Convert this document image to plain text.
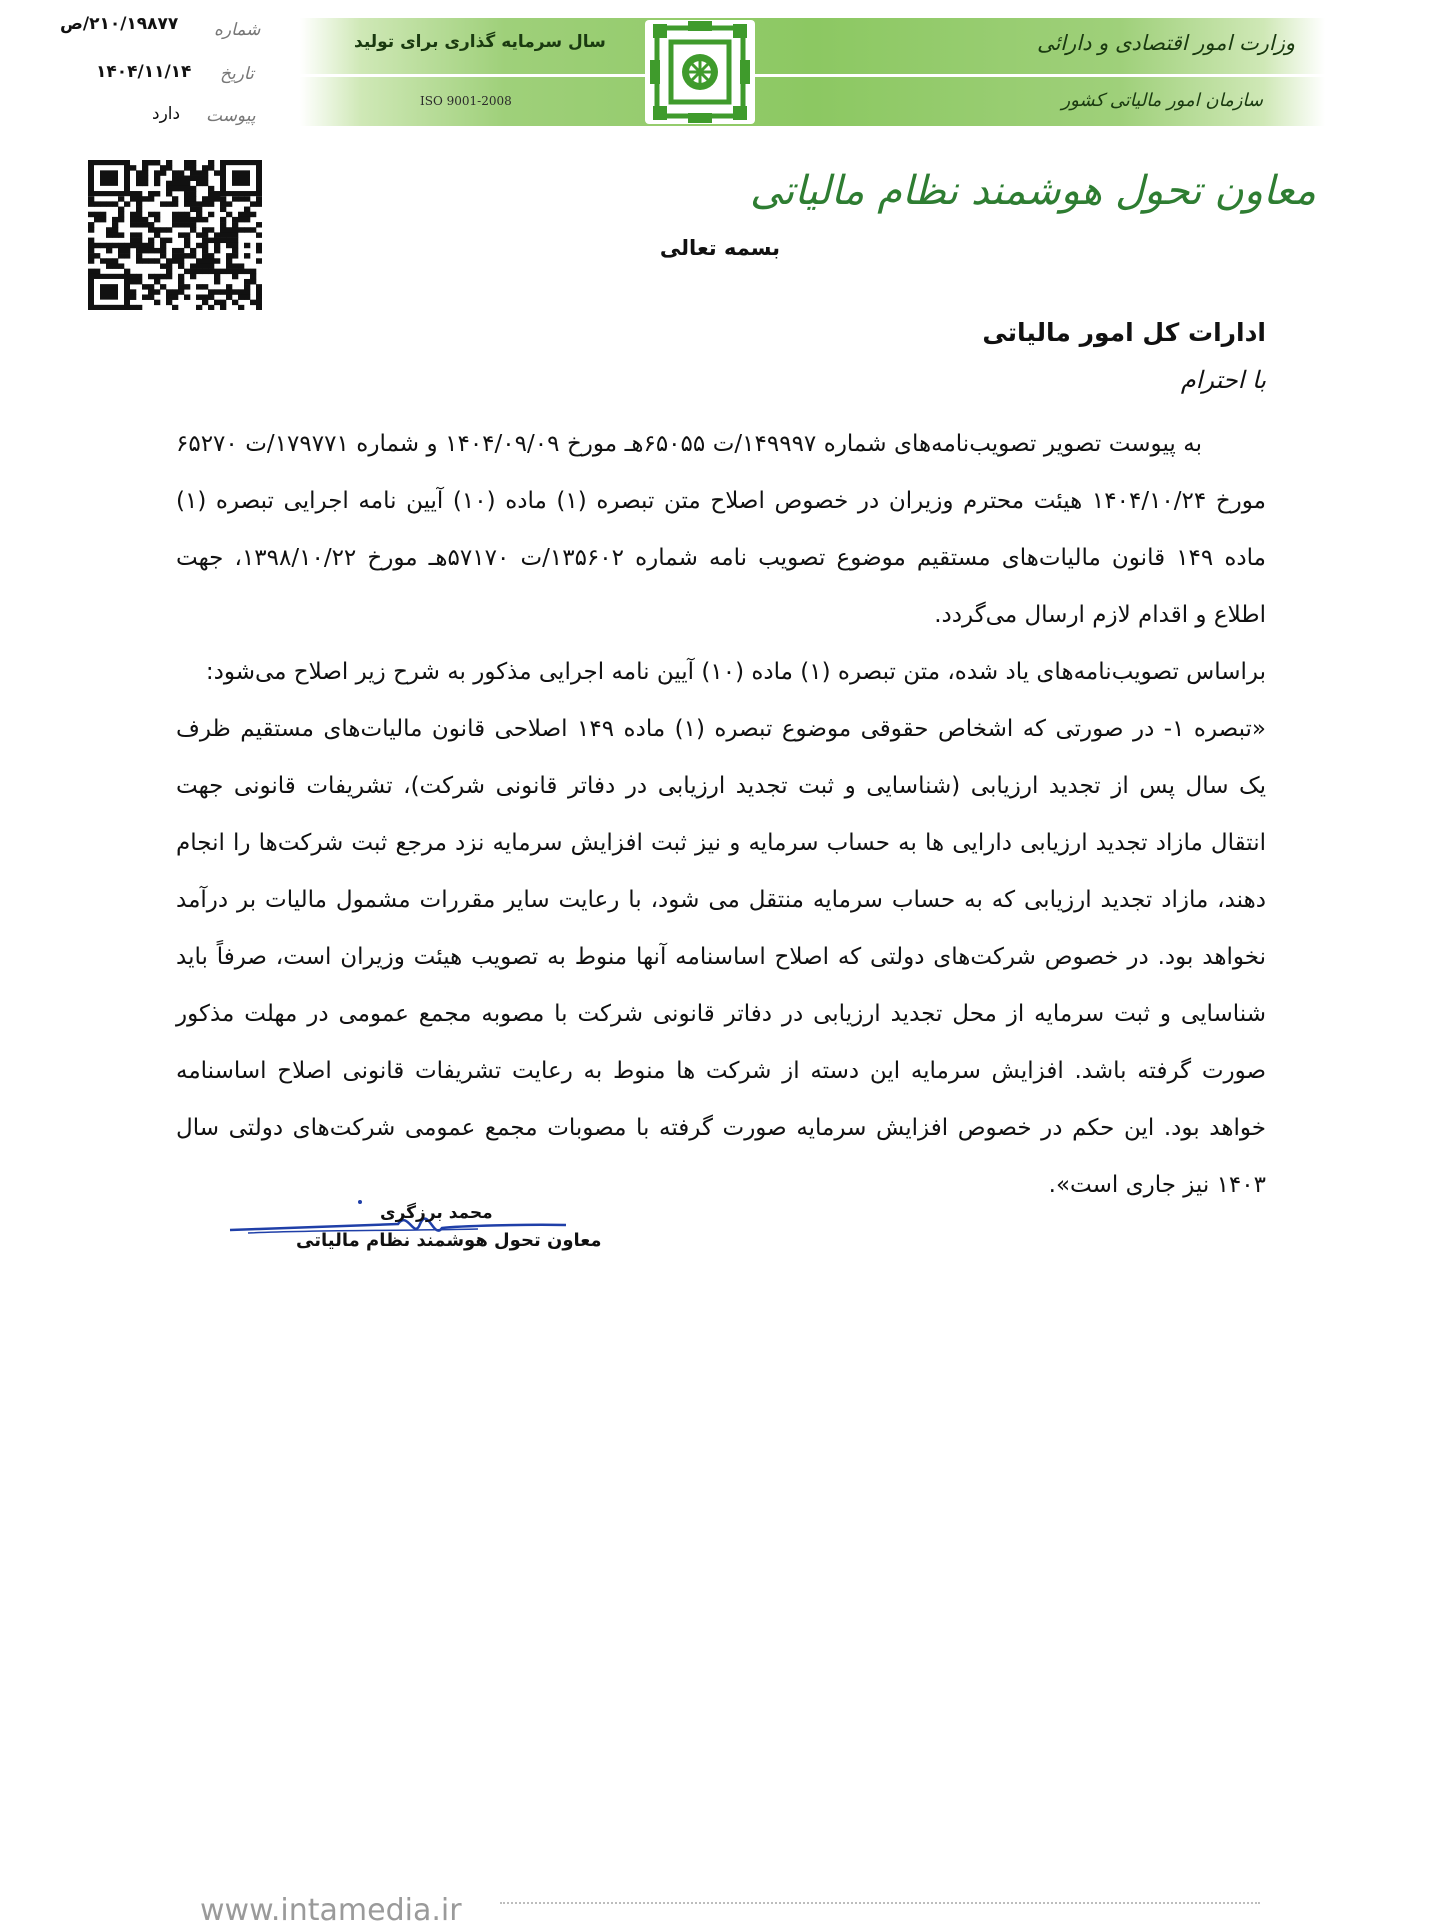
سال سرمایه گذاری برای تولید
ISO 9001-2008
وزارت امور اقتصادی و دارائی
سازمان امور مالیاتی کشور
شماره
۲۱۰/۱۹۸۷۷/ص
تاریخ
۱۴۰۴/۱۱/۱۴
پیوست
دارد
معاون تحول هوشمند نظام مالیاتی
بسمه تعالی
ادارات کل امور مالیاتی
با احترام

به پیوست تصویر تصویب‌نامه‌های شماره ۱۴۹۹۹۷/ت ۶۵۰۵۵هـ مورخ ۱۴۰۴/۰۹/۰۹ و شماره ۱۷۹۷۷۱/ت ۶۵۲۷۰ مورخ ۱۴۰۴/۱۰/۲۴ هیئت محترم وزیران در خصوص اصلاح متن تبصره (۱) ماده (۱۰) آیین نامه اجرایی تبصره (۱) ماده ۱۴۹ قانون مالیات‌های مستقیم موضوع تصویب نامه شماره ۱۳۵۶۰۲/ت ۵۷۱۷۰هـ مورخ ۱۳۹۸/۱۰/۲۲، جهت اطلاع و اقدام لازم ارسال می‌گردد.

براساس تصویب‌نامه‌های یاد شده، متن تبصره (۱) ماده (۱۰) آیین نامه اجرایی مذکور به شرح زیر اصلاح می‌شود:

«تبصره ۱- در صورتی که اشخاص حقوقی موضوع تبصره (۱) ماده ۱۴۹ اصلاحی قانون مالیات‌های مستقیم ظرف یک سال پس از تجدید ارزیابی (شناسایی و ثبت تجدید ارزیابی در دفاتر قانونی شرکت)، تشریفات قانونی جهت انتقال مازاد تجدید ارزیابی دارایی ها به حساب سرمایه و نیز ثبت افزایش سرمایه نزد مرجع ثبت شرکت‌ها را انجام دهند، مازاد تجدید ارزیابی که به حساب سرمایه منتقل می شود، با رعایت سایر مقررات مشمول مالیات بر درآمد نخواهد بود. در خصوص شرکت‌های دولتی که اصلاح اساسنامه آنها منوط به تصویب هیئت وزیران است، صرفاً باید شناسایی و ثبت سرمایه از محل تجدید ارزیابی در دفاتر قانونی شرکت با مصوبه مجمع عمومی در مهلت مذکور صورت گرفته باشد. افزایش سرمایه این دسته از شرکت ها منوط به رعایت تشریفات قانونی اصلاح اساسنامه خواهد بود. این حکم در خصوص افزایش سرمایه صورت گرفته با مصوبات مجمع عمومی شرکت‌های دولتی سال ۱۴۰۳ نیز جاری است».

محمد برزگری
معاون تحول هوشمند نظام مالیاتی
www.intamedia.ir
